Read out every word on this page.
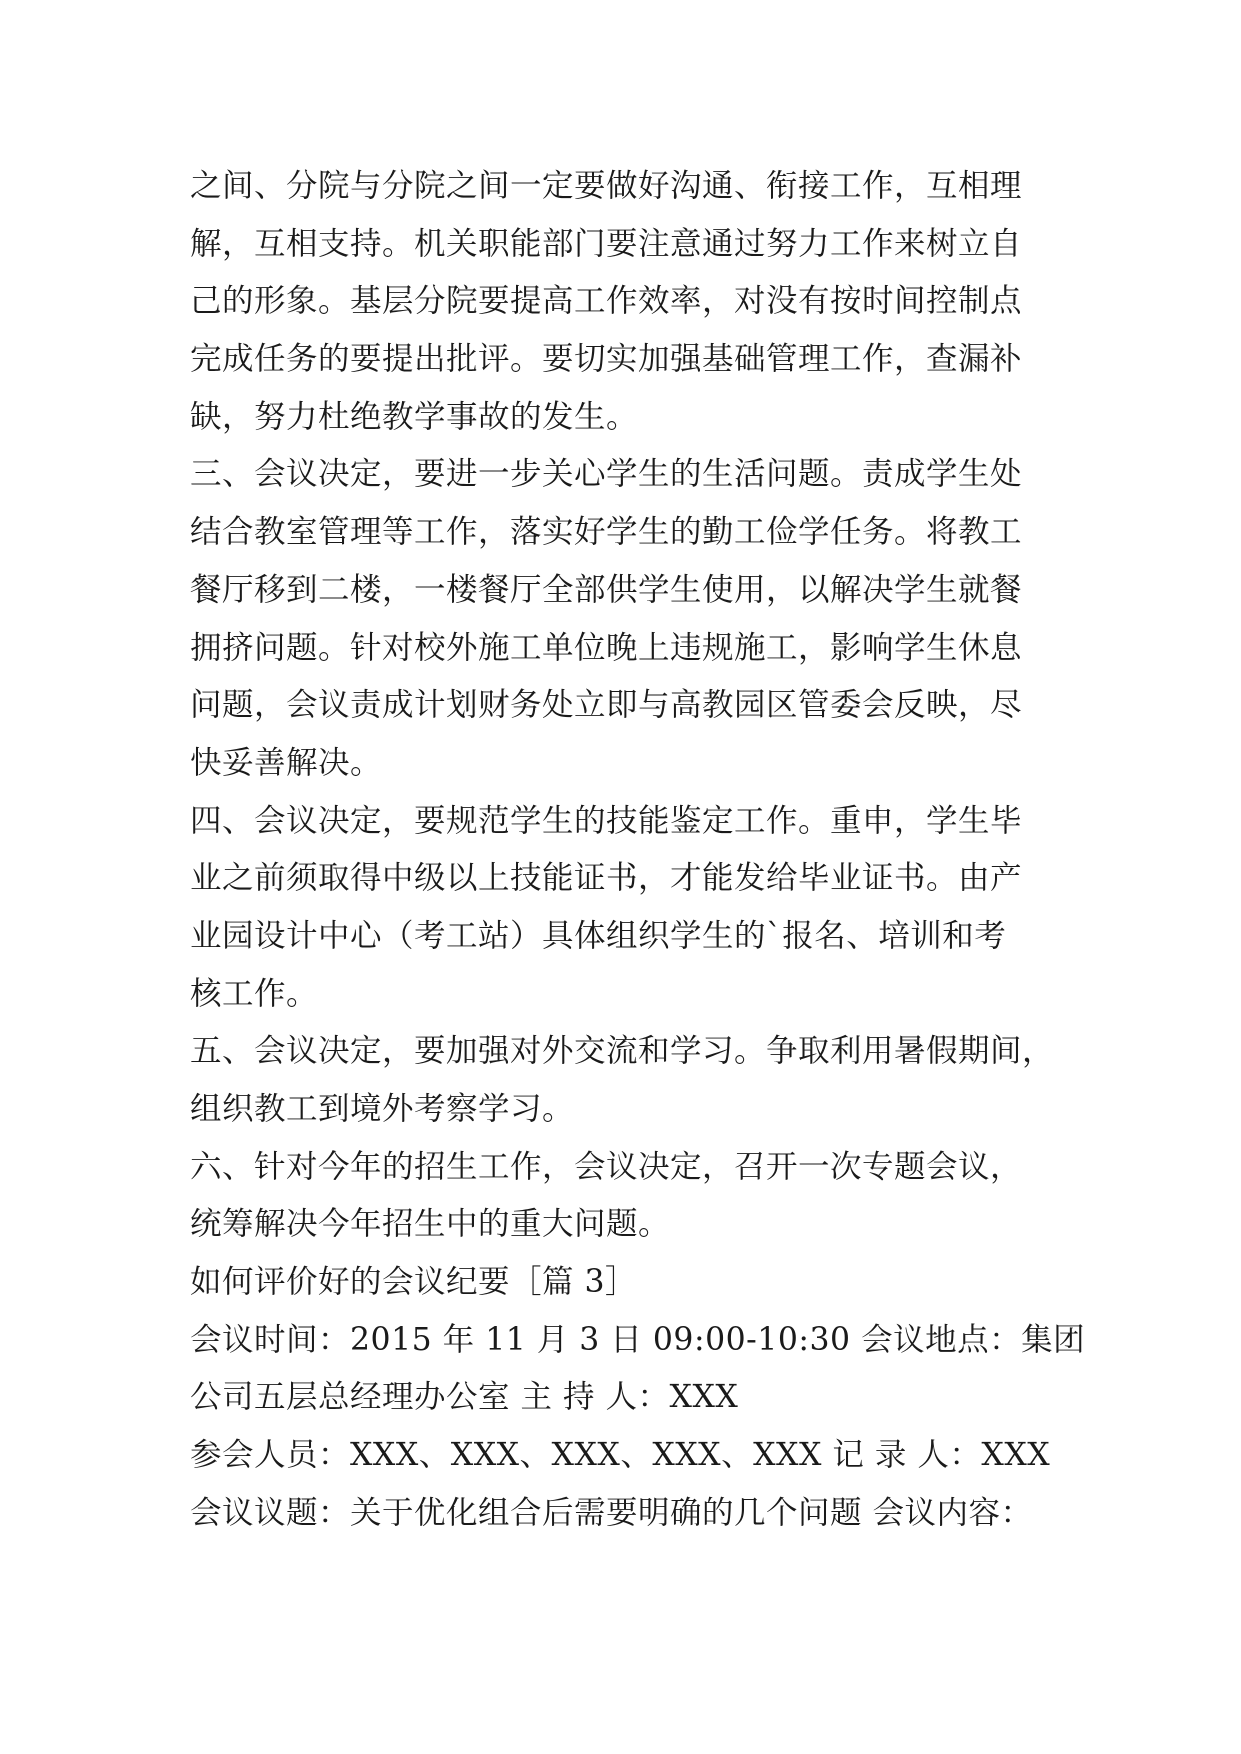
之间、分院与分院之间一定要做好沟通、衔接工作，互相理
解，互相支持。机关职能部门要注意通过努力工作来树立自
己的形象。基层分院要提高工作效率，对没有按时间控制点
完成任务的要提出批评。要切实加强基础管理工作，查漏补
缺，努力杜绝教学事故的发生。
三、会议决定，要进一步关心学生的生活问题。责成学生处
结合教室管理等工作，落实好学生的勤工俭学任务。将教工
餐厅移到二楼，一楼餐厅全部供学生使用，以解决学生就餐
拥挤问题。针对校外施工单位晚上违规施工，影响学生休息
问题，会议责成计划财务处立即与高教园区管委会反映，尽
快妥善解决。
四、会议决定，要规范学生的技能鉴定工作。重申，学生毕
业之前须取得中级以上技能证书，才能发给毕业证书。由产
业园设计中心（考工站）具体组织学生的`报名、培训和考
核工作。
五、会议决定，要加强对外交流和学习。争取利用暑假期间，
组织教工到境外考察学习。
六、针对今年的招生工作，会议决定，召开一次专题会议，
统筹解决今年招生中的重大问题。
如何评价好的会议纪要［篇 3］
会议时间：2015 年 11 月 3 日 09:00-10:30 会议地点：集团
公司五层总经理办公室 主 持 人：XXX
参会人员：XXX、XXX、XXX、XXX、XXX 记 录 人：XXX
会议议题：关于优化组合后需要明确的几个问题 会议内容：
